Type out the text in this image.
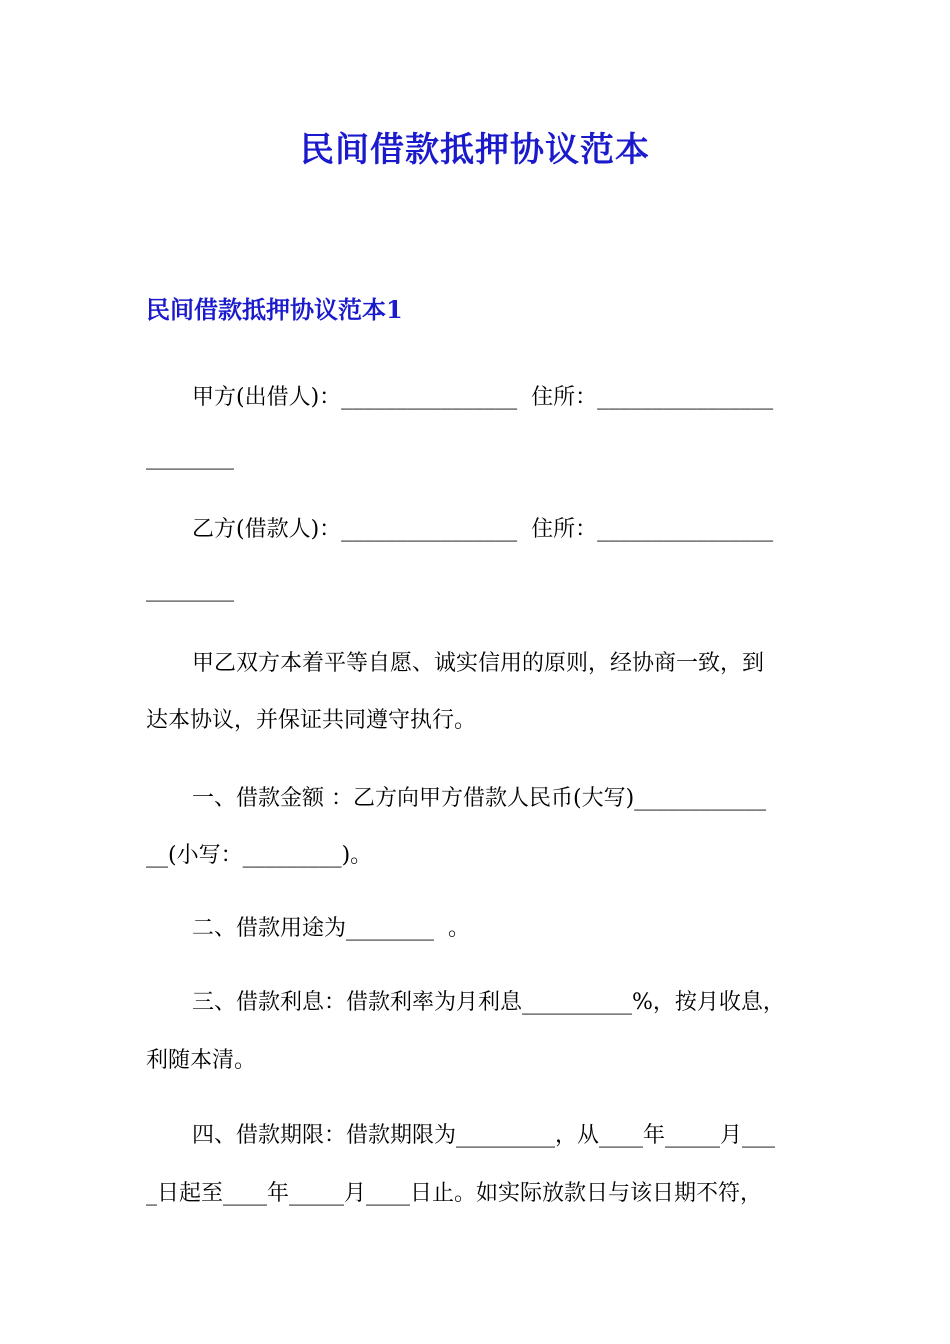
民间借款抵押协议范本
民间借款抵押协议范本1
甲方(出借人)：________________  住所：________________
________
乙方(借款人)：________________  住所：________________
________
甲乙双方本着平等自愿、诚实信用的原则，经协商一致，到
达本协议，并保证共同遵守执行。
一、借款金额 ：乙方向甲方借款人民币(大写)____________
__(小写：_________)。
二、借款用途为________  。
三、借款利息：借款利率为月利息__________%，按月收息，
利随本清。
四、借款期限：借款期限为_________，从____年_____月___
_日起至____年_____月____日止。如实际放款日与该日期不符，
